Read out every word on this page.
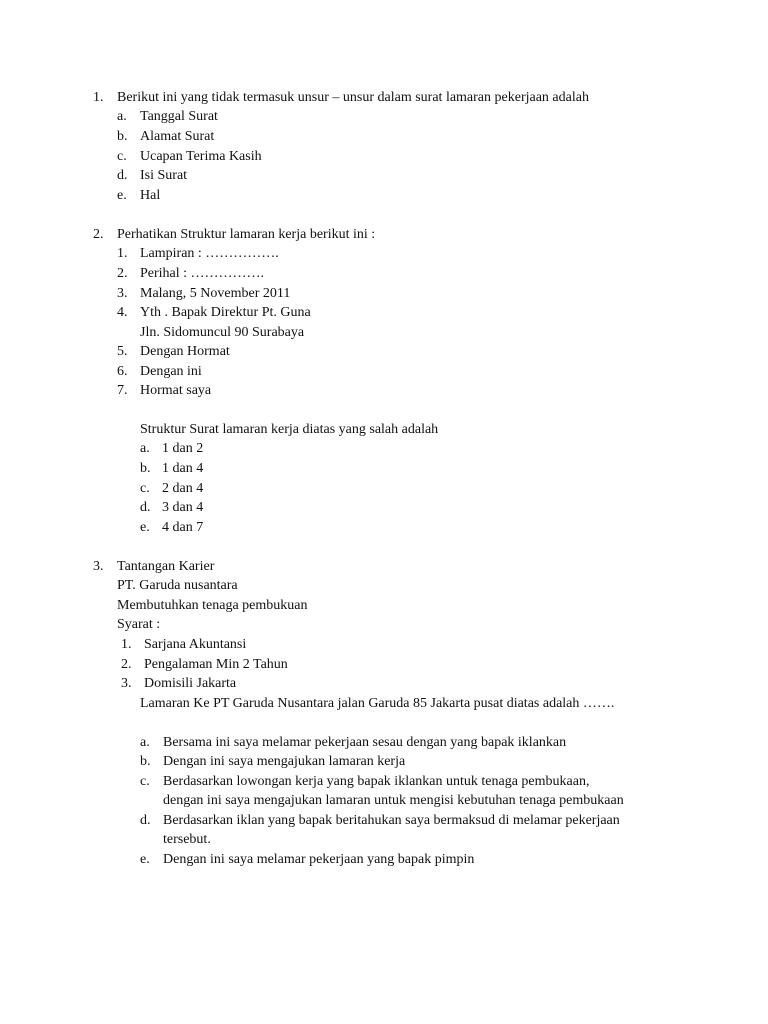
1. Berikut ini yang tidak termasuk unsur – unsur dalam surat lamaran pekerjaan adalah
a. Tanggal Surat
b. Alamat Surat
c. Ucapan Terima Kasih
d. Isi Surat
e. Hal
2. Perhatikan Struktur lamaran kerja berikut ini :
1. Lampiran : …………….
2. Perihal : …………….
3. Malang, 5 November 2011
4. Yth . Bapak Direktur Pt. Guna
Jln. Sidomuncul 90 Surabaya
5. Dengan Hormat
6. Dengan ini
7. Hormat saya
Struktur Surat lamaran kerja diatas yang salah adalah
a. 1 dan 2
b. 1 dan 4
c. 2 dan 4
d. 3 dan 4
e. 4 dan 7
3. Tantangan Karier
PT. Garuda nusantara
Membutuhkan tenaga pembukuan
Syarat :
1. Sarjana Akuntansi
2. Pengalaman Min 2 Tahun
3. Domisili Jakarta
Lamaran Ke PT Garuda Nusantara jalan Garuda 85 Jakarta pusat diatas adalah …….
a. Bersama ini saya melamar pekerjaan sesau dengan yang bapak iklankan
b. Dengan ini saya mengajukan lamaran kerja
c. Berdasarkan lowongan kerja yang bapak iklankan untuk tenaga pembukaan,
dengan ini saya mengajukan lamaran untuk mengisi kebutuhan tenaga pembukaan
d. Berdasarkan iklan yang bapak beritahukan saya bermaksud di melamar pekerjaan
tersebut.
e. Dengan ini saya melamar pekerjaan yang bapak pimpin
